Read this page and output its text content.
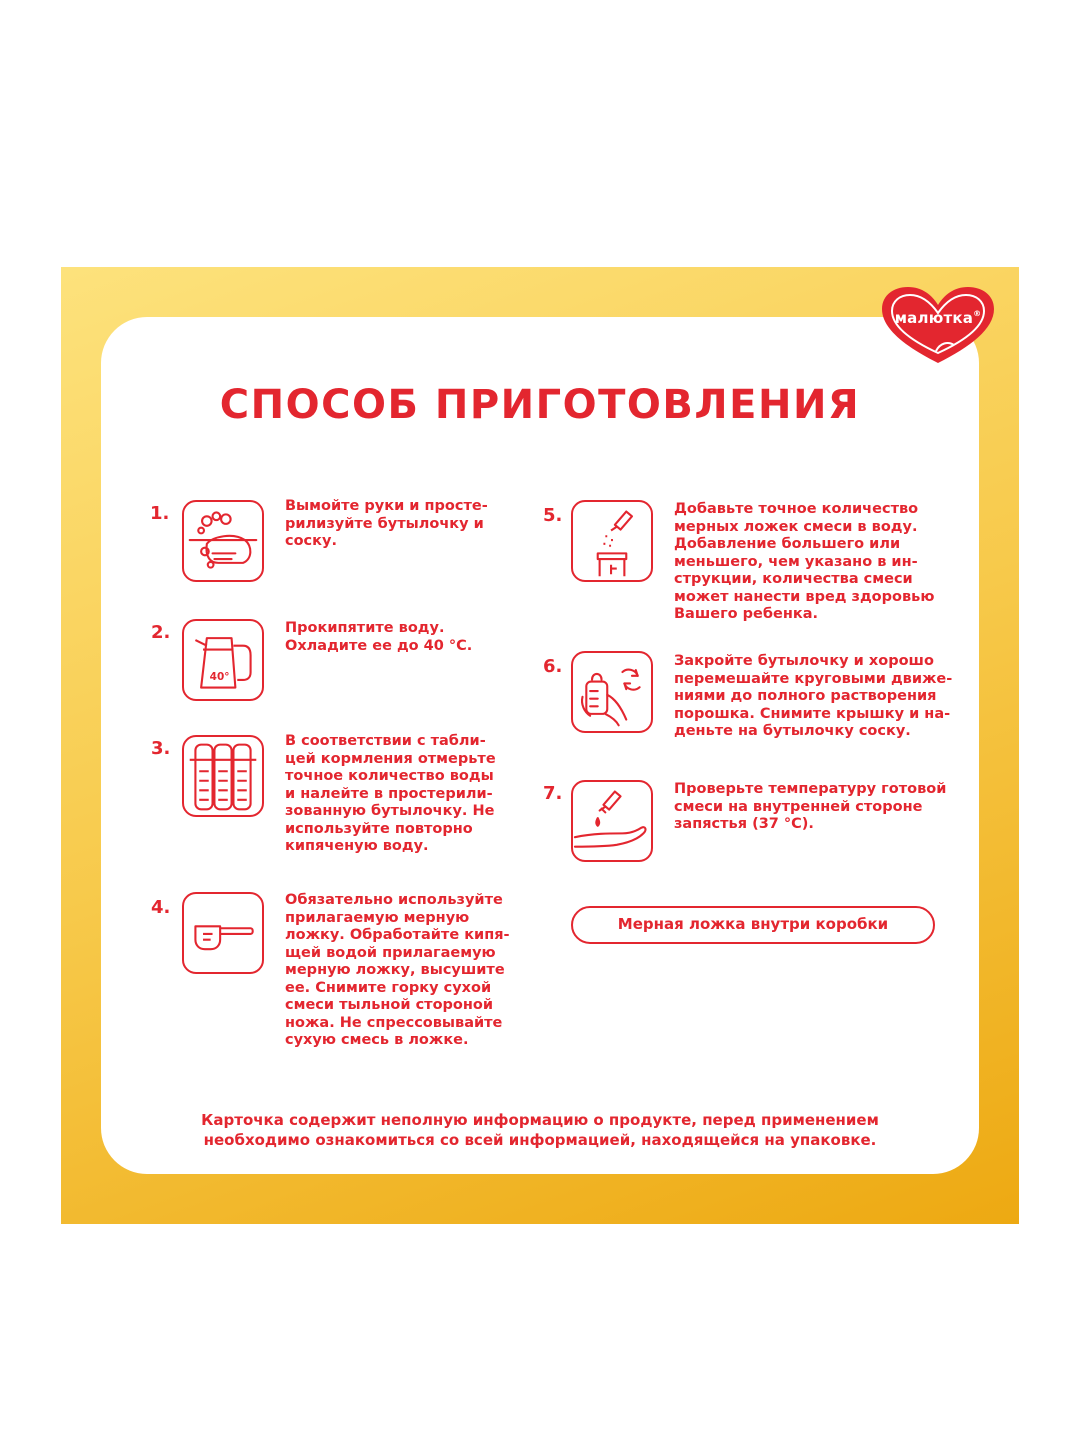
малютка®
СПОСОБ ПРИГОТОВЛЕНИЯ
1.	Вымойте руки и просте-
рилизуйте бутылочку и
соску.
2.
40°
Прокипятите воду.
Охладите ее до 40 °С.
3.	В соответствии с табли-
цей кормления отмерьте
точное количество воды
и налейте в простерили-
зованную бутылочку. Не
используйте повторно
кипяченую воду.
4.	Обязательно используйте
прилагаемую мерную
ложку. Обработайте кипя-
щей водой прилагаемую
мерную ложку, высушите
ее. Снимите горку сухой
смеси тыльной стороной
ножа. Не спрессовывайте
сухую смесь в ложке.
5.	Добавьте точное количество
мерных ложек смеси в воду.
Добавление большего или
меньшего, чем указано в ин-
струкции, количества смеси
может нанести вред здоровью
Вашего ребенка.
6.	Закройте бутылочку и хорошо
перемешайте круговыми движе-
ниями до полного растворения
порошка. Снимите крышку и на-
деньте на бутылочку соску.
7.	Проверьте температуру готовой
смеси на внутренней стороне
запястья (37 °С).
Мерная ложка внутри коробки
Карточка содержит неполную информацию о продукте, перед применением
необходимо ознакомиться со всей информацией, находящейся на упаковке.
